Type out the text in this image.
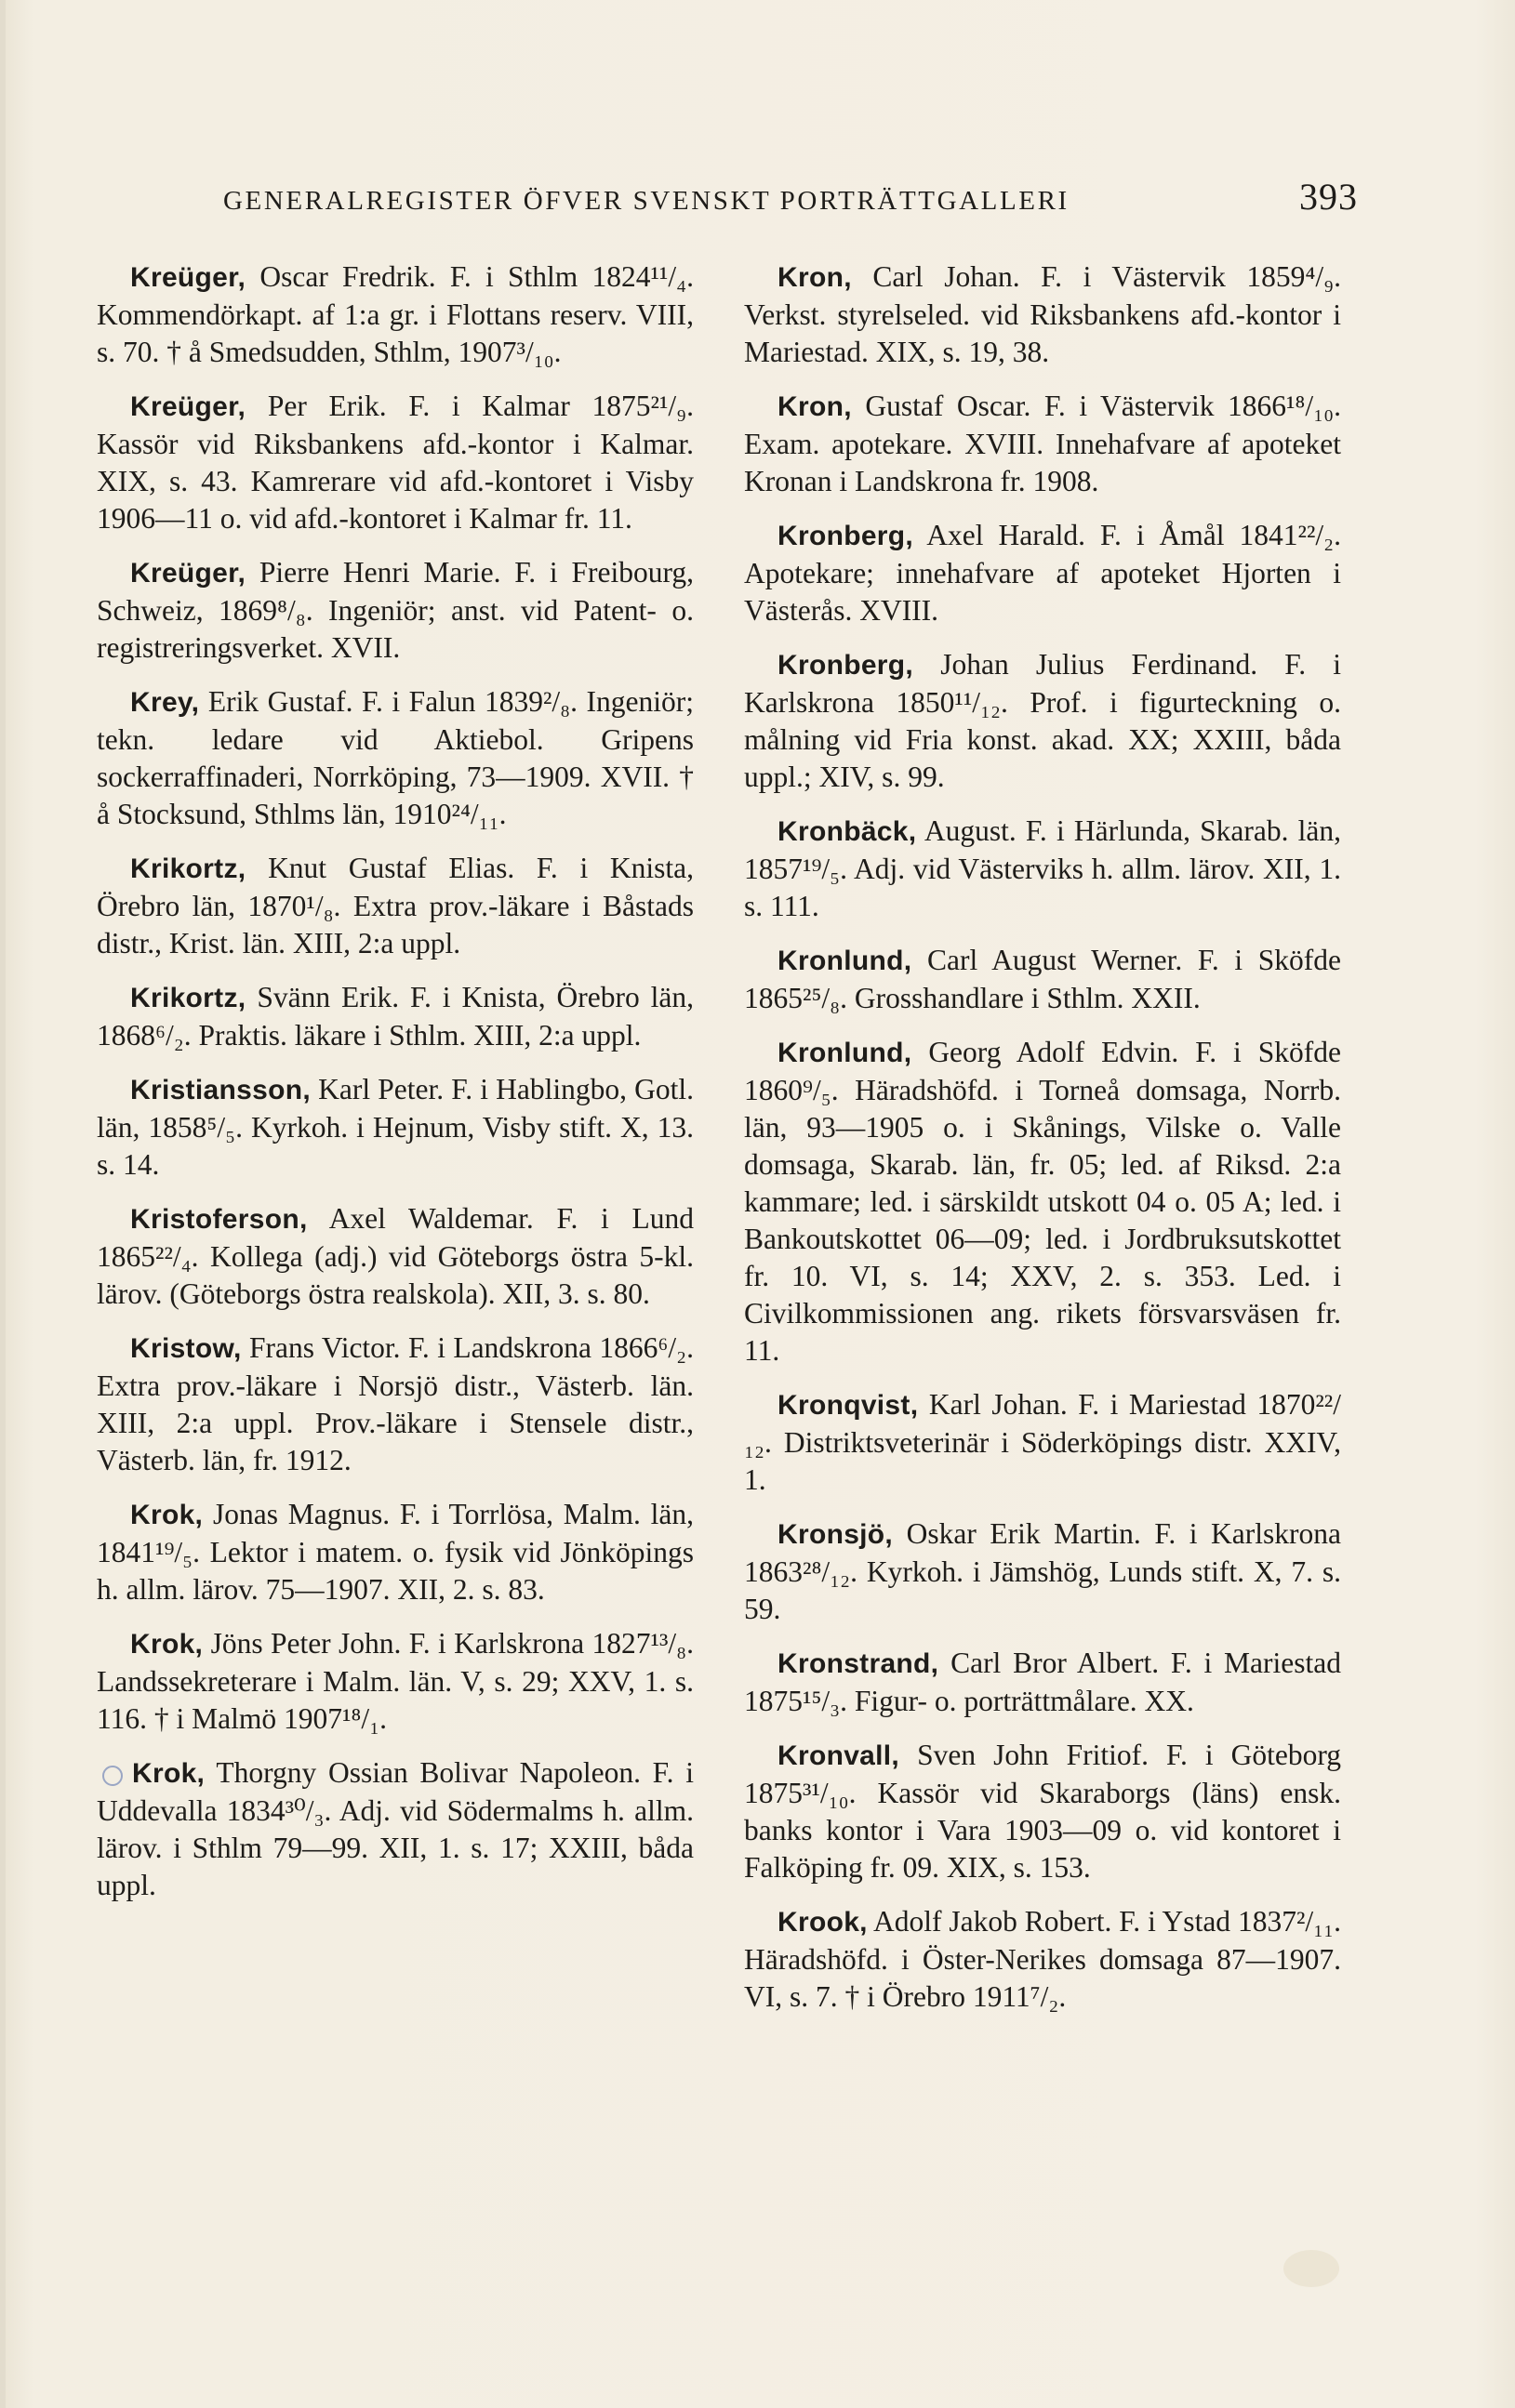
GENERALREGISTER ÖFVER SVENSKT PORTRÄTTGALLERI	393

Kreüger, Oscar Fredrik. F. i Sthlm 1824¹¹/₄. Kommendörkapt. af 1:a gr. i Flottans reserv. VIII, s. 70. † å Smedsudden, Sthlm, 1907³/₁₀.

Kreüger, Per Erik. F. i Kalmar 1875²¹/₉. Kassör vid Riksbankens afd.-kontor i Kalmar. XIX, s. 43. Kamrerare vid afd.-kontoret i Visby 1906—11 o. vid afd.-kontoret i Kalmar fr. 11.

Kreüger, Pierre Henri Marie. F. i Freibourg, Schweiz, 1869⁸/₈. Ingeniör; anst. vid Patent- o. registreringsverket. XVII.

Krey, Erik Gustaf. F. i Falun 1839²/₈. Ingeniör; tekn. ledare vid Aktiebol. Gripens sockerraffinaderi, Norrköping, 73—1909. XVII. † å Stocksund, Sthlms län, 1910²⁴/₁₁.

Krikortz, Knut Gustaf Elias. F. i Knista, Örebro län, 1870¹/₈. Extra prov.-läkare i Båstads distr., Krist. län. XIII, 2:a uppl.

Krikortz, Svänn Erik. F. i Knista, Örebro län, 1868⁶/₂. Praktis. läkare i Sthlm. XIII, 2:a uppl.

Kristiansson, Karl Peter. F. i Hablingbo, Gotl. län, 1858⁵/₅. Kyrkoh. i Hejnum, Visby stift. X, 13. s. 14.

Kristoferson, Axel Waldemar. F. i Lund 1865²²/₄. Kollega (adj.) vid Göteborgs östra 5-kl. lärov. (Göteborgs östra realskola). XII, 3. s. 80.

Kristow, Frans Victor. F. i Landskrona 1866⁶/₂. Extra prov.-läkare i Norsjö distr., Västerb. län. XIII, 2:a uppl. Prov.-läkare i Stensele distr., Västerb. län, fr. 1912.

Krok, Jonas Magnus. F. i Torrlösa, Malm. län, 1841¹⁹/₅. Lektor i matem. o. fysik vid Jönköpings h. allm. lärov. 75—1907. XII, 2. s. 83.

Krok, Jöns Peter John. F. i Karlskrona 1827¹³/₈. Landssekreterare i Malm. län. V, s. 29; XXV, 1. s. 116. † i Malmö 1907¹⁸/₁.

Krok, Thorgny Ossian Bolivar Napoleon. F. i Uddevalla 1834³⁰/₃. Adj. vid Södermalms h. allm. lärov. i Sthlm 79—99. XII, 1. s. 17; XXIII, båda uppl.

Kron, Carl Johan. F. i Västervik 1859⁴/₉. Verkst. styrelseled. vid Riksbankens afd.-kontor i Mariestad. XIX, s. 19, 38.

Kron, Gustaf Oscar. F. i Västervik 1866¹⁸/₁₀. Exam. apotekare. XVIII. Innehafvare af apoteket Kronan i Landskrona fr. 1908.

Kronberg, Axel Harald. F. i Åmål 1841²²/₂. Apotekare; innehafvare af apoteket Hjorten i Västerås. XVIII.

Kronberg, Johan Julius Ferdinand. F. i Karlskrona 1850¹¹/₁₂. Prof. i figurteckning o. målning vid Fria konst. akad. XX; XXIII, båda uppl.; XIV, s. 99.

Kronbäck, August. F. i Härlunda, Skarab. län, 1857¹⁹/₅. Adj. vid Västerviks h. allm. lärov. XII, 1. s. 111.

Kronlund, Carl August Werner. F. i Sköfde 1865²⁵/₈. Grosshandlare i Sthlm. XXII.

Kronlund, Georg Adolf Edvin. F. i Sköfde 1860⁹/₅. Häradshöfd. i Torneå domsaga, Norrb. län, 93—1905 o. i Skånings, Vilske o. Valle domsaga, Skarab. län, fr. 05; led. af Riksd. 2:a kammare; led. i särskildt utskott 04 o. 05 A; led. i Bankoutskottet 06—09; led. i Jordbruksutskottet fr. 10. VI, s. 14; XXV, 2. s. 353. Led. i Civilkommissionen ang. rikets försvarsväsen fr. 11.

Kronqvist, Karl Johan. F. i Mariestad 1870²²/₁₂. Distriktsveterinär i Söderköpings distr. XXIV, 1.

Kronsjö, Oskar Erik Martin. F. i Karlskrona 1863²⁸/₁₂. Kyrkoh. i Jämshög, Lunds stift. X, 7. s. 59.

Kronstrand, Carl Bror Albert. F. i Mariestad 1875¹⁵/₃. Figur- o. porträttmålare. XX.

Kronvall, Sven John Fritiof. F. i Göteborg 1875³¹/₁₀. Kassör vid Skaraborgs (läns) ensk. banks kontor i Vara 1903—09 o. vid kontoret i Falköping fr. 09. XIX, s. 153.

Krook, Adolf Jakob Robert. F. i Ystad 1837²/₁₁. Häradshöfd. i Öster-Nerikes domsaga 87—1907. VI, s. 7. † i Örebro 1911⁷/₂.
